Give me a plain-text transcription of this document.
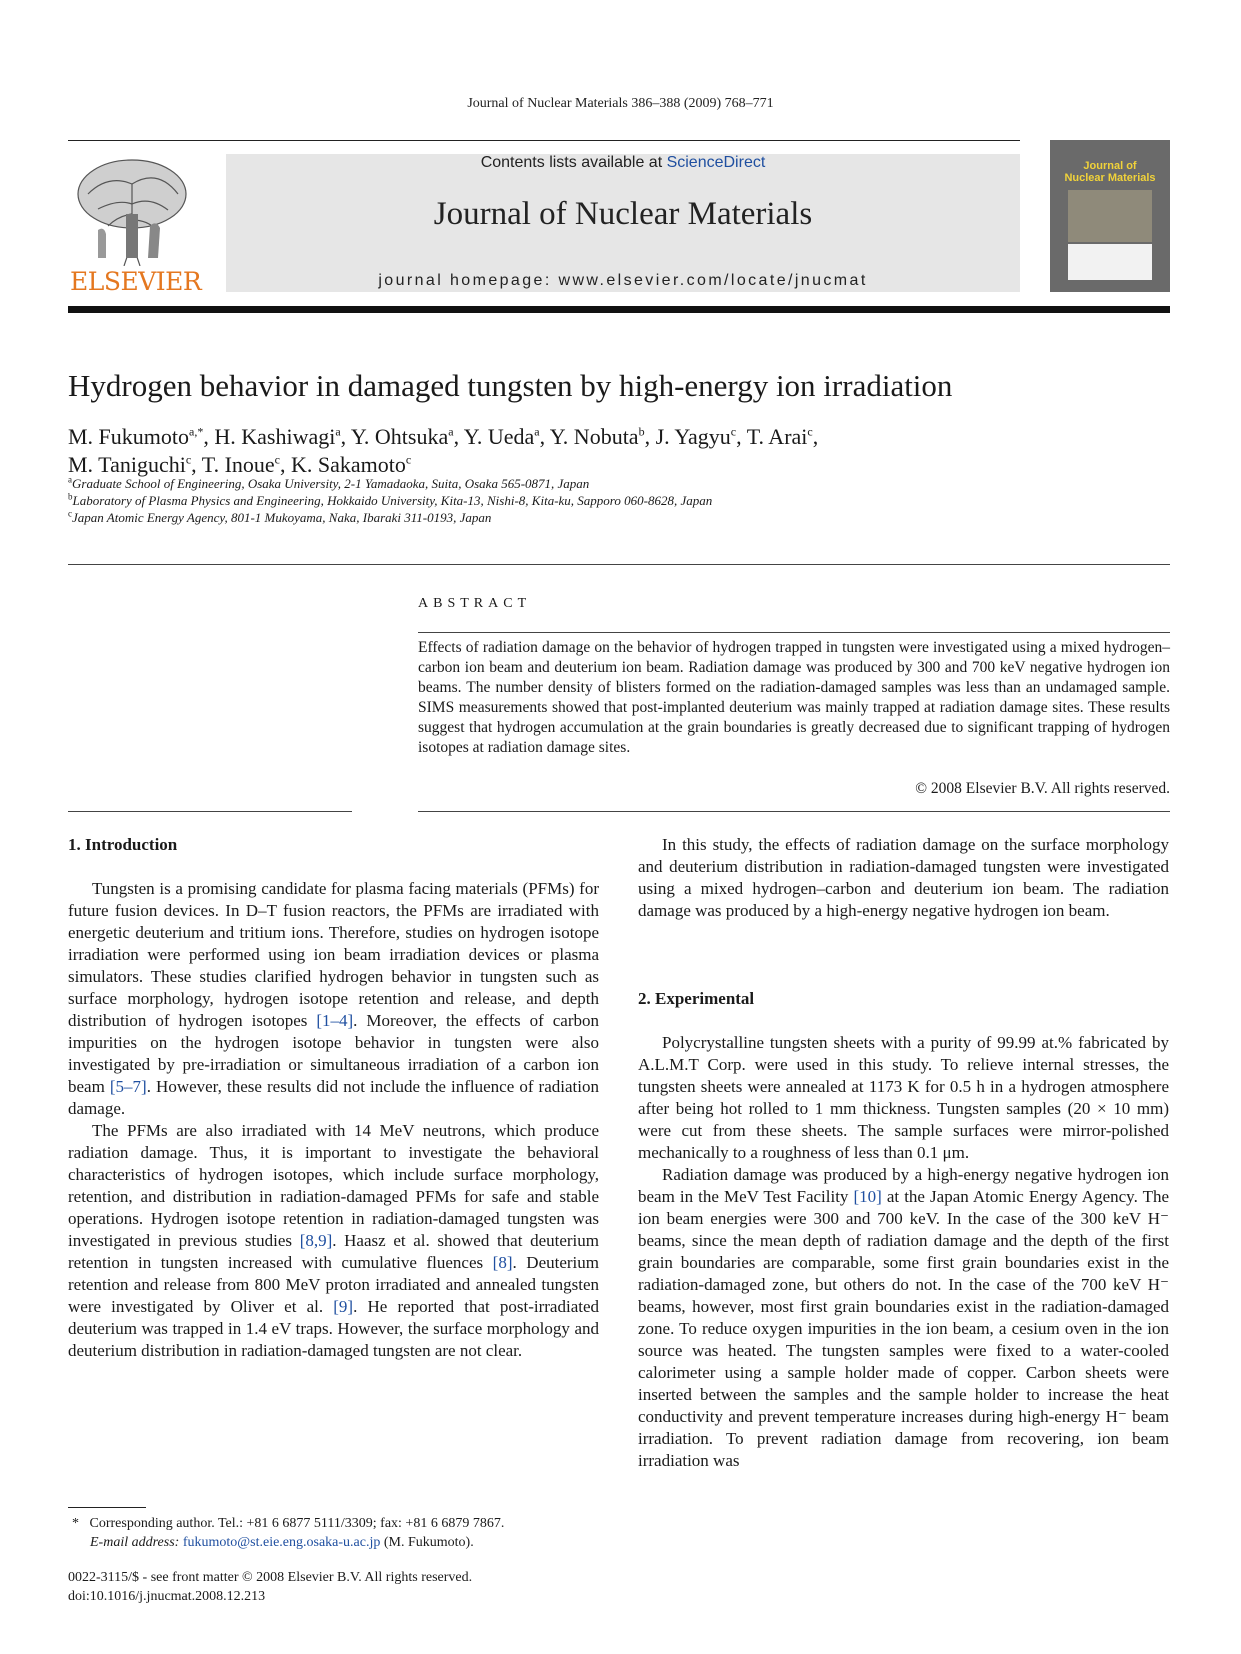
Journal of Nuclear Materials 386–388 (2009) 768–771
ELSEVIER
Contents lists available at ScienceDirect
Journal of Nuclear Materials
journal homepage: www.elsevier.com/locate/jnucmat
Journal of
Nuclear Materials
Hydrogen behavior in damaged tungsten by high-energy ion irradiation
M. Fukumoto$^{a,*}$, H. Kashiwagi$^a$, Y. Ohtsuka$^a$, Y. Ueda$^a$, Y. Nobuta$^b$, J. Yagyu$^c$, T. Arai$^c$,
M. Taniguchi$^c$, T. Inoue$^c$, K. Sakamoto$^c$
$^a$Graduate School of Engineering, Osaka University, 2-1 Yamadaoka, Suita, Osaka 565-0871, Japan
$^b$Laboratory of Plasma Physics and Engineering, Hokkaido University, Kita-13, Nishi-8, Kita-ku, Sapporo 060-8628, Japan
$^c$Japan Atomic Energy Agency, 801-1 Mukoyama, Naka, Ibaraki 311-0193, Japan
ABSTRACT
Effects of radiation damage on the behavior of hydrogen trapped in tungsten were investigated using a mixed hydrogen–carbon ion beam and deuterium ion beam. Radiation damage was produced by 300 and 700 keV negative hydrogen ion beams. The number density of blisters formed on the radiation-damaged samples was less than an undamaged sample. SIMS measurements showed that post-implanted deuterium was mainly trapped at radiation damage sites. These results suggest that hydrogen accumulation at the grain boundaries is greatly decreased due to significant trapping of hydrogen isotopes at radiation damage sites.
© 2008 Elsevier B.V. All rights reserved.
1. Introduction

Tungsten is a promising candidate for plasma facing materials (PFMs) for future fusion devices. In D–T fusion reactors, the PFMs are irradiated with energetic deuterium and tritium ions. Therefore, studies on hydrogen isotope irradiation were performed using ion beam irradiation devices or plasma simulators. These studies clarified hydrogen behavior in tungsten such as surface morphology, hydrogen isotope retention and release, and depth distribution of hydrogen isotopes [1–4]. Moreover, the effects of carbon impurities on the hydrogen isotope behavior in tungsten were also investigated by pre-irradiation or simultaneous irradiation of a carbon ion beam [5–7]. However, these results did not include the influence of radiation damage.

The PFMs are also irradiated with 14 MeV neutrons, which produce radiation damage. Thus, it is important to investigate the behavioral characteristics of hydrogen isotopes, which include surface morphology, retention, and distribution in radiation-damaged PFMs for safe and stable operations. Hydrogen isotope retention in radiation-damaged tungsten was investigated in previous studies [8,9]. Haasz et al. showed that deuterium retention in tungsten increased with cumulative fluences [8]. Deuterium retention and release from 800 MeV proton irradiated and annealed tungsten were investigated by Oliver et al. [9]. He reported that post-irradiated deuterium was trapped in 1.4 eV traps. However, the surface morphology and deuterium distribution in radiation-damaged tungsten are not clear.

In this study, the effects of radiation damage on the surface morphology and deuterium distribution in radiation-damaged tungsten were investigated using a mixed hydrogen–carbon and deuterium ion beam. The radiation damage was produced by a high-energy negative hydrogen ion beam.

2. Experimental

Polycrystalline tungsten sheets with a purity of 99.99 at.% fabricated by A.L.M.T Corp. were used in this study. To relieve internal stresses, the tungsten sheets were annealed at 1173 K for 0.5 h in a hydrogen atmosphere after being hot rolled to 1 mm thickness. Tungsten samples (20 × 10 mm) were cut from these sheets. The sample surfaces were mirror-polished mechanically to a roughness of less than 0.1 μm.

Radiation damage was produced by a high-energy negative hydrogen ion beam in the MeV Test Facility [10] at the Japan Atomic Energy Agency. The ion beam energies were 300 and 700 keV. In the case of the 300 keV H⁻ beams, since the mean depth of radiation damage and the depth of the first grain boundaries are comparable, some first grain boundaries exist in the radiation-damaged zone, but others do not. In the case of the 700 keV H⁻ beams, however, most first grain boundaries exist in the radiation-damaged zone. To reduce oxygen impurities in the ion beam, a cesium oven in the ion source was heated. The tungsten samples were fixed to a water-cooled calorimeter using a sample holder made of copper. Carbon sheets were inserted between the samples and the sample holder to increase the heat conductivity and prevent temperature increases during high-energy H⁻ beam irradiation. To prevent radiation damage from recovering, ion beam irradiation was

* Corresponding author. Tel.: +81 6 6877 5111/3309; fax: +81 6 6879 7867.
E-mail address: fukumoto@st.eie.eng.osaka-u.ac.jp (M. Fukumoto).
0022-3115/$ - see front matter © 2008 Elsevier B.V. All rights reserved.
doi:10.1016/j.jnucmat.2008.12.213
